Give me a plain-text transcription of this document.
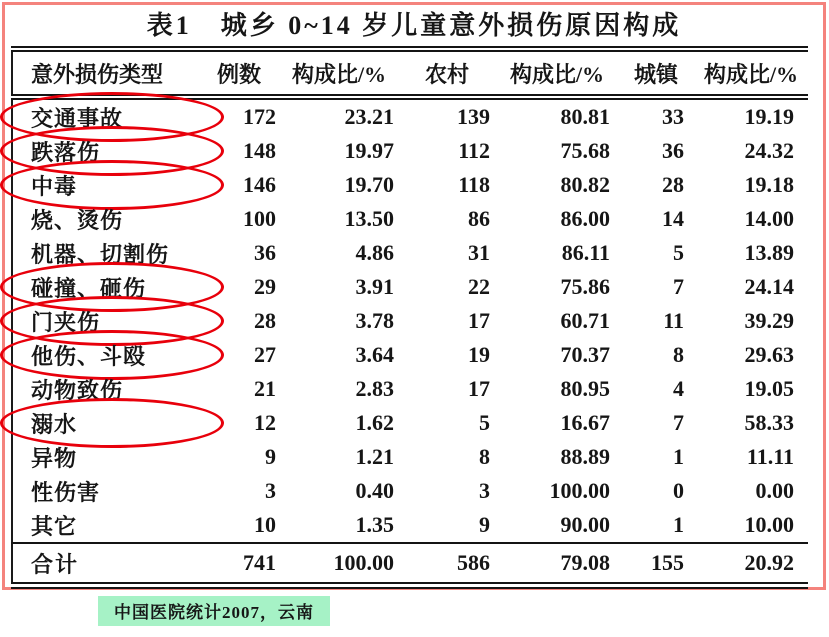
表1　城乡 0~14 岁儿童意外损伤原因构成
意外损伤类型	例数	构成比/%	农村	构成比/%	城镇	构成比/%
交通事故	172	23.21	139	80.81	33	19.19
跌落伤	148	19.97	112	75.68	36	24.32
中毒	146	19.70	118	80.82	28	19.18
烧、烫伤	100	13.50	86	86.00	14	14.00
机器、切割伤	36	4.86	31	86.11	5	13.89
碰撞、砸伤	29	3.91	22	75.86	7	24.14
门夹伤	28	3.78	17	60.71	11	39.29
他伤、斗殴	27	3.64	19	70.37	8	29.63
动物致伤	21	2.83	17	80.95	4	19.05
溺水	12	1.62	5	16.67	7	58.33
异物	9	1.21	8	88.89	1	11.11
性伤害	3	0.40	3	100.00	0	0.00
其它	10	1.35	9	90.00	1	10.00
合计	741	100.00	586	79.08	155	20.92
中国医院统计2007，云南
